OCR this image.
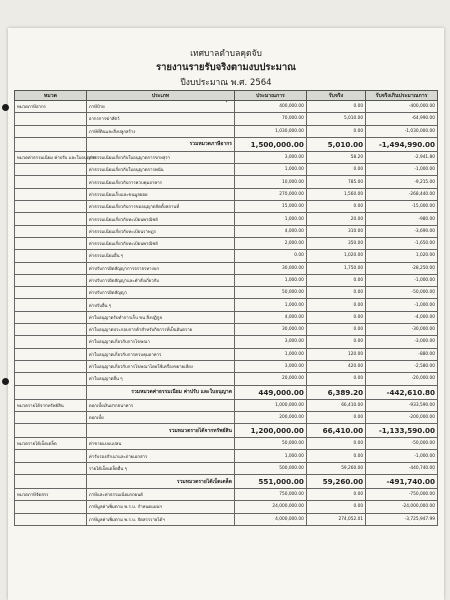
เทศบาลตำบลคุดจับ
รายงานรายรับจริงตามงบประมาณ
ปีงบประมาณ พ.ศ. 2564
หมวด	ประเภท	ประมาณการ	รับจริง	รับจริงเกินประมาณการ
หมวดภาษีอากร	ภาษีป้าย	400,000.00	0.00	-400,000.00
	อากรการฆ่าสัตว์	70,000.00	5,010.00	-64,990.00
	ภาษีที่ดินและสิ่งปลูกสร้าง	1,030,000.00	0.00	-1,030,000.00
	รวมหมวดภาษีอากร	1,500,000.00	5,010.00	-1,494,990.00
หมวดค่าธรรมเนียม ค่าปรับ และใบอนุญาต	ค่าธรรมเนียมเกี่ยวกับใบอนุญาตการขายสุรา	3,000.00	58.20	-2,941.80
	ค่าธรรมเนียมเกี่ยวกับใบอนุญาตการพนัน	1,000.00	0.00	-1,000.00
	ค่าธรรมเนียมเกี่ยวกับการควบคุมอาคาร	10,000.00	785.00	-9,215.00
	ค่าธรรมเนียมเก็บและขนมูลฝอย	270,000.00	1,560.00	-268,440.00
	ค่าธรรมเนียมเกี่ยวกับการขออนุญาตจัดตั้งสถานที่	15,000.00	0.00	-15,000.00
	ค่าธรรมเนียมเกี่ยวกับทะเบียนพาณิชย์	1,000.00	20.00	-980.00
	ค่าธรรมเนียมเกี่ยวกับทะเบียนราษฎร	4,000.00	310.00	-3,690.00
	ค่าธรรมเนียมเกี่ยวกับทะเบียนพาณิชย์	2,000.00	350.00	-1,650.00
	ค่าธรรมเนียมอื่น ๆ	0.00	1,020.00	1,020.00
	ค่าปรับการผิดสัญญาการจราจรทางบก	30,000.00	1,750.00	-28,250.00
	ค่าปรับการผิดสัญญาและคำสั่งเกี่ยวกับ	1,000.00	0.00	-1,000.00
	ค่าปรับการผิดสัญญา	50,000.00	0.00	-50,000.00
	ค่าปรับอื่น ๆ	1,000.00	0.00	-1,000.00
	ค่าใบอนุญาตรับทำการเก็บ ขน สิ่งปฏิกูล	4,000.00	0.00	-4,000.00
	ค่าใบอนุญาตประกอบการค้าสำหรับกิจการที่เป็นอันตราย	30,000.00	0.00	-30,000.00
	ค่าใบอนุญาตเกี่ยวกับการโฆษณา	3,000.00	0.00	-3,000.00
	ค่าใบอนุญาตเกี่ยวกับการควบคุมอาคาร	1,000.00	120.00	-880.00
	ค่าใบอนุญาตเกี่ยวกับการโฆษณาโดยใช้เครื่องขยายเสียง	3,000.00	420.00	-2,580.00
	ค่าใบอนุญาตอื่น ๆ	20,000.00	0.00	-20,000.00
	รวมหมวดค่าธรรมเนียม ค่าปรับ และใบอนุญาต	449,000.00	6,389.20	-442,610.80
หมวดรายได้จากทรัพย์สิน	ดอกเบี้ยเงินฝากธนาคาร	1,000,000.00	66,410.00	-933,590.00
	ดอกเบี้ย	200,000.00	0.00	-200,000.00
	รวมหมวดรายได้จากทรัพย์สิน	1,200,000.00	66,410.00	-1,133,590.00
หมวดรายได้เบ็ดเตล็ด	ค่าขายแบบแปลน	50,000.00	0.00	-50,000.00
	ค่ารับรองสำเนาและถ่ายเอกสาร	1,000.00	0.00	-1,000.00
	รายได้เบ็ดเตล็ดอื่น ๆ	500,000.00	59,260.00	-440,740.00
	รวมหมวดรายได้เบ็ดเตล็ด	551,000.00	59,260.00	-491,740.00
หมวดภาษีจัดสรร	ภาษีและค่าธรรมเนียมรถยนต์	750,000.00	0.00	-750,000.00
	ภาษีมูลค่าเพิ่มตาม พ.ร.บ. กำหนดแผนฯ	24,000,000.00	0.00	-24,000,000.00
	ภาษีมูลค่าเพิ่มตาม พ.ร.บ. จัดสรรรายได้ฯ	4,000,000.00	274,052.01	-3,725,947.99
